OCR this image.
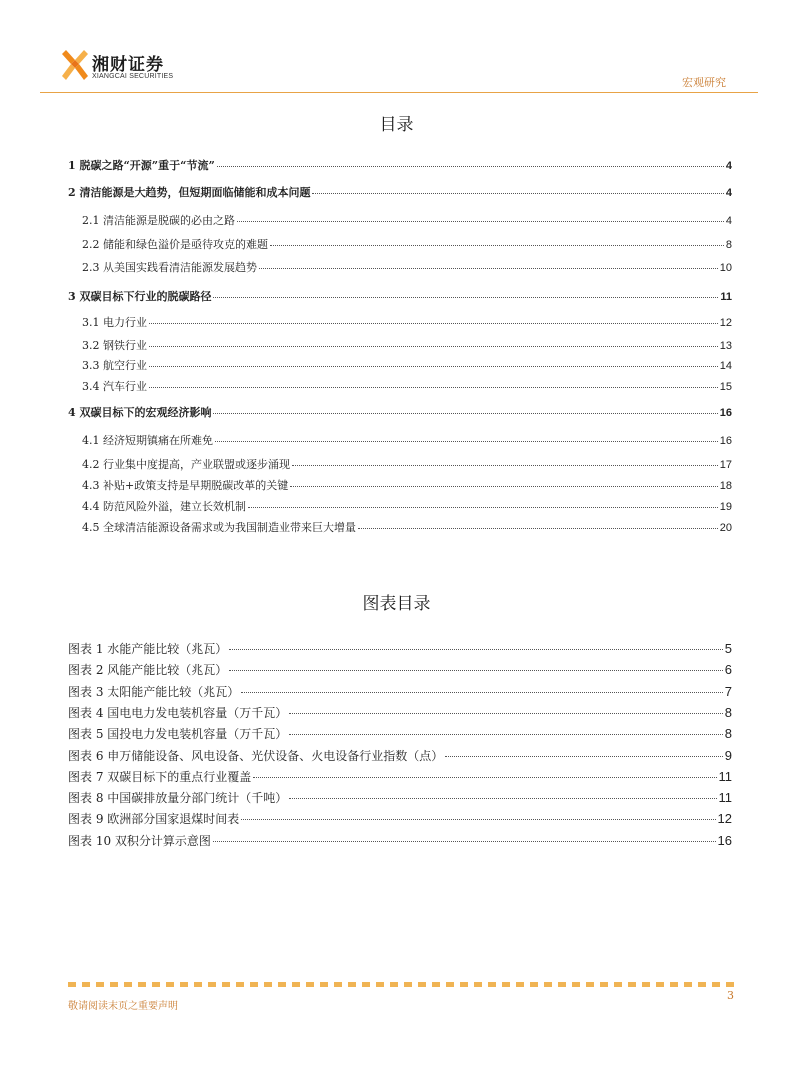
湘财证券
XIANGCAI SECURITIES	宏观研究
目录
1 脱碳之路“开源”重于“节流”	4
2 清洁能源是大趋势，但短期面临储能和成本问题	4
2.1 清洁能源是脱碳的必由之路	4
2.2 储能和绿色溢价是亟待攻克的难题	8
2.3 从美国实践看清洁能源发展趋势	10
3 双碳目标下行业的脱碳路径	11
3.1 电力行业	12
3.2 钢铁行业	13
3.3 航空行业	14
3.4 汽车行业	15
4 双碳目标下的宏观经济影响	16
4.1 经济短期镇痛在所难免	16
4.2 行业集中度提高，产业联盟或逐步涌现	17
4.3 补贴+政策支持是早期脱碳改革的关键	18
4.4 防范风险外溢，建立长效机制	19
4.5 全球清洁能源设备需求或为我国制造业带来巨大增量	20
图表目录
图表 1 水能产能比较（兆瓦）	5
图表 2 风能产能比较（兆瓦）	6
图表 3 太阳能产能比较（兆瓦）	7
图表 4 国电电力发电装机容量（万千瓦）	8
图表 5 国投电力发电装机容量（万千瓦）	8
图表 6 申万储能设备、风电设备、光伏设备、火电设备行业指数（点）	9
图表 7 双碳目标下的重点行业覆盖	11
图表 8 中国碳排放量分部门统计（千吨）	11
图表 9 欧洲部分国家退煤时间表	12
图表 10 双积分计算示意图	16
敬请阅读末页之重要声明
3
